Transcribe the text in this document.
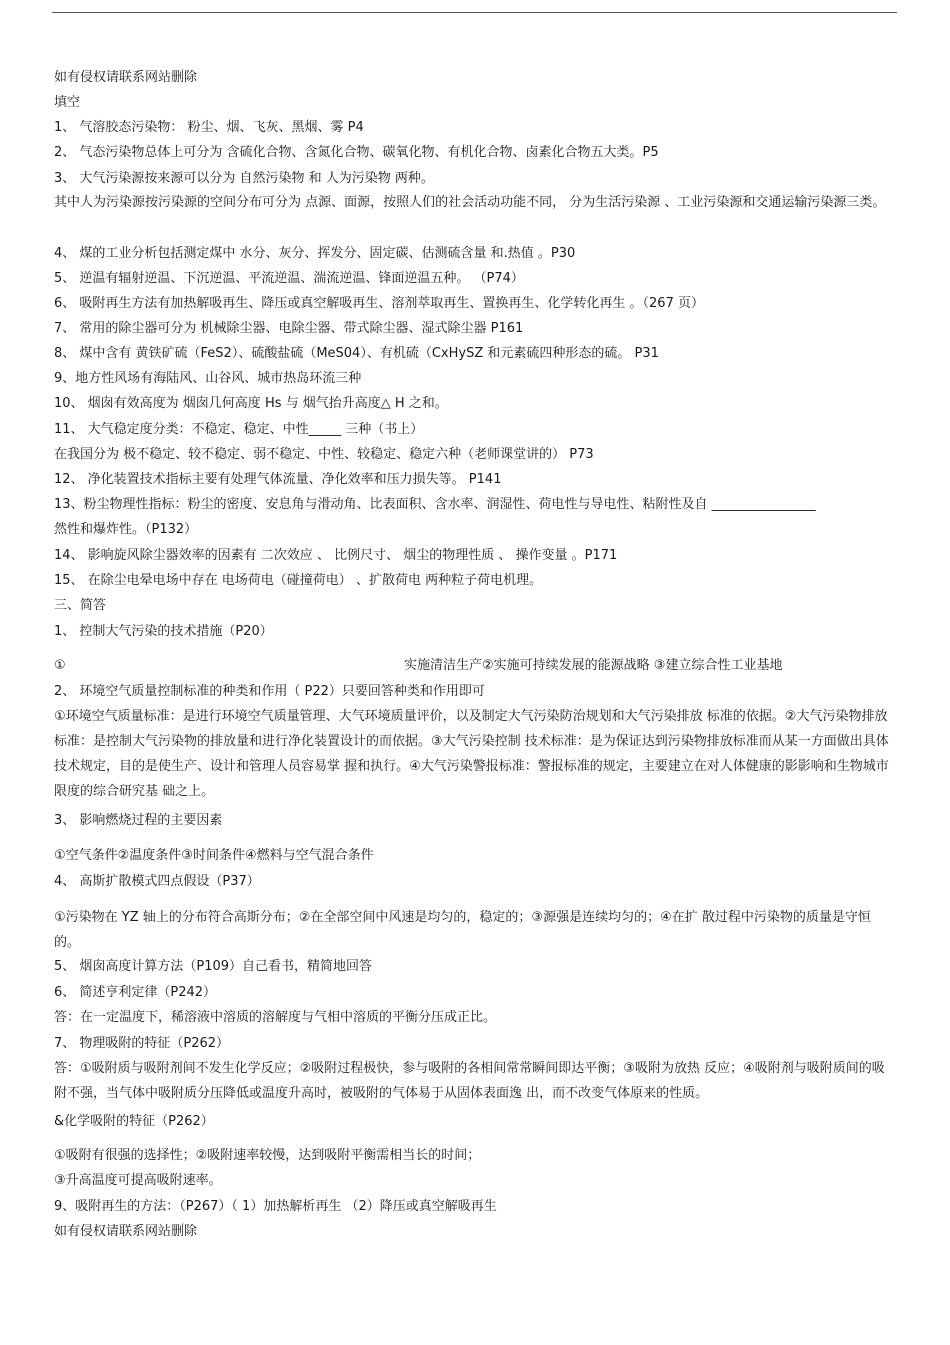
如有侵权请联系网站删除
填空
1、 气溶胶态污染物： 粉尘、烟、飞灰、黑烟、雾 P4
2、 气态污染物总体上可分为 含硫化合物、含氮化合物、碳氧化物、有机化合物、卤素化合物五大类。P5
3、 大气污染源按来源可以分为 自然污染物 和 人为污染物 两种。
其中人为污染源按污染源的空间分布可分为 点源、面源，按照人们的社会活动功能不同， 分为生活污染源 、工业污染源和交通运输污染源三类。
4、 煤的工业分析包括测定煤中 水分、灰分、挥发分、固定碳、估测硫含量 和.热值 。P30
5、 逆温有辐射逆温、下沉逆温、平流逆温、湍流逆温、锋面逆温五种。 （P74）
6、 吸附再生方法有加热解吸再生、降压或真空解吸再生、溶剂萃取再生、置换再生、化学转化再生 。（267 页）
7、 常用的除尘器可分为 机械除尘器、电除尘器、带式除尘器、湿式除尘器 P161
8、 煤中含有 黄铁矿硫（FeS2）、硫酸盐硫（MeS04）、有机硫（CxHySZ 和元素硫四种形态的硫。 P31
9、地方性风场有海陆风、山谷风、城市热岛环流三种
10、 烟囱有效高度为 烟囱几何高度 Hs 与 烟气抬升高度△ H 之和。
11、 大气稳定度分类：不稳定、稳定、中性_____ 三种（书上）
在我国分为 极不稳定、较不稳定、弱不稳定、中性、较稳定、稳定六种（老师课堂讲的） P73
12、 净化装置技术指标主要有处理气体流量、净化效率和压力损失等。 P141
13、粉尘物理性指标：粉尘的密度、安息角与滑动角、比表面积、含水率、润湿性、荷电性与导电性、粘附性及自 ________________
然性和爆炸性。（P132）
14、 影响旋风除尘器效率的因素有 二次效应 、 比例尺寸、 烟尘的物理性质 、 操作变量 。P171
15、 在除尘电晕电场中存在 电场荷电（碰撞荷电） 、扩散荷电 两种粒子荷电机理。
三、简答
1、 控制大气污染的技术措施（P20）
①	实施清洁生产②实施可持续发展的能源战略 ③建立综合性工业基地
2、 环境空气质量控制标准的种类和作用（ P22）只要回答种类和作用即可
①环境空气质量标准：是进行环境空气质量管理、大气环境质量评价，以及制定大气污染防治规划和大气污染排放 标准的依据。②大气污染物排放标准：是控制大气污染物的排放量和进行净化装置设计的而依据。③大气污染控制 技术标准：是为保证达到污染物排放标准而从某一方面做出具体技术规定，目的是使生产、设计和管理人员容易掌 握和执行。④大气污染警报标准：警报标准的规定，主要建立在对人体健康的影影响和生物城市限度的综合研究基 础之上。
3、 影响燃烧过程的主要因素
①空气条件②温度条件③时间条件④燃料与空气混合条件
4、 高斯扩散模式四点假设（P37）
①污染物在 YZ 轴上的分布符合高斯分布；②在全部空间中风速是均匀的，稳定的；③源强是连续均匀的；④在扩 散过程中污染物的质量是守恒的。
5、 烟囱高度计算方法（P109）自己看书，精简地回答
6、 简述亨利定律（P242）
答：在一定温度下，稀溶液中溶质的溶解度与气相中溶质的平衡分压成正比。
7、 物理吸附的特征（P262）
答：①吸附质与吸附剂间不发生化学反应；②吸附过程极快，参与吸附的各相间常常瞬间即达平衡；③吸附为放热 反应；④吸附剂与吸附质间的吸附不强，当气体中吸附质分压降低或温度升高时，被吸附的气体易于从固体表面逸 出，而不改变气体原来的性质。
&化学吸附的特征（P262）
①吸附有很强的选择性；②吸附速率较慢，达到吸附平衡需相当长的时间；
③升高温度可提高吸附速率。
9、吸附再生的方法：（P267）（ 1）加热解析再生 （2）降压或真空解吸再生
如有侵权请联系网站删除
